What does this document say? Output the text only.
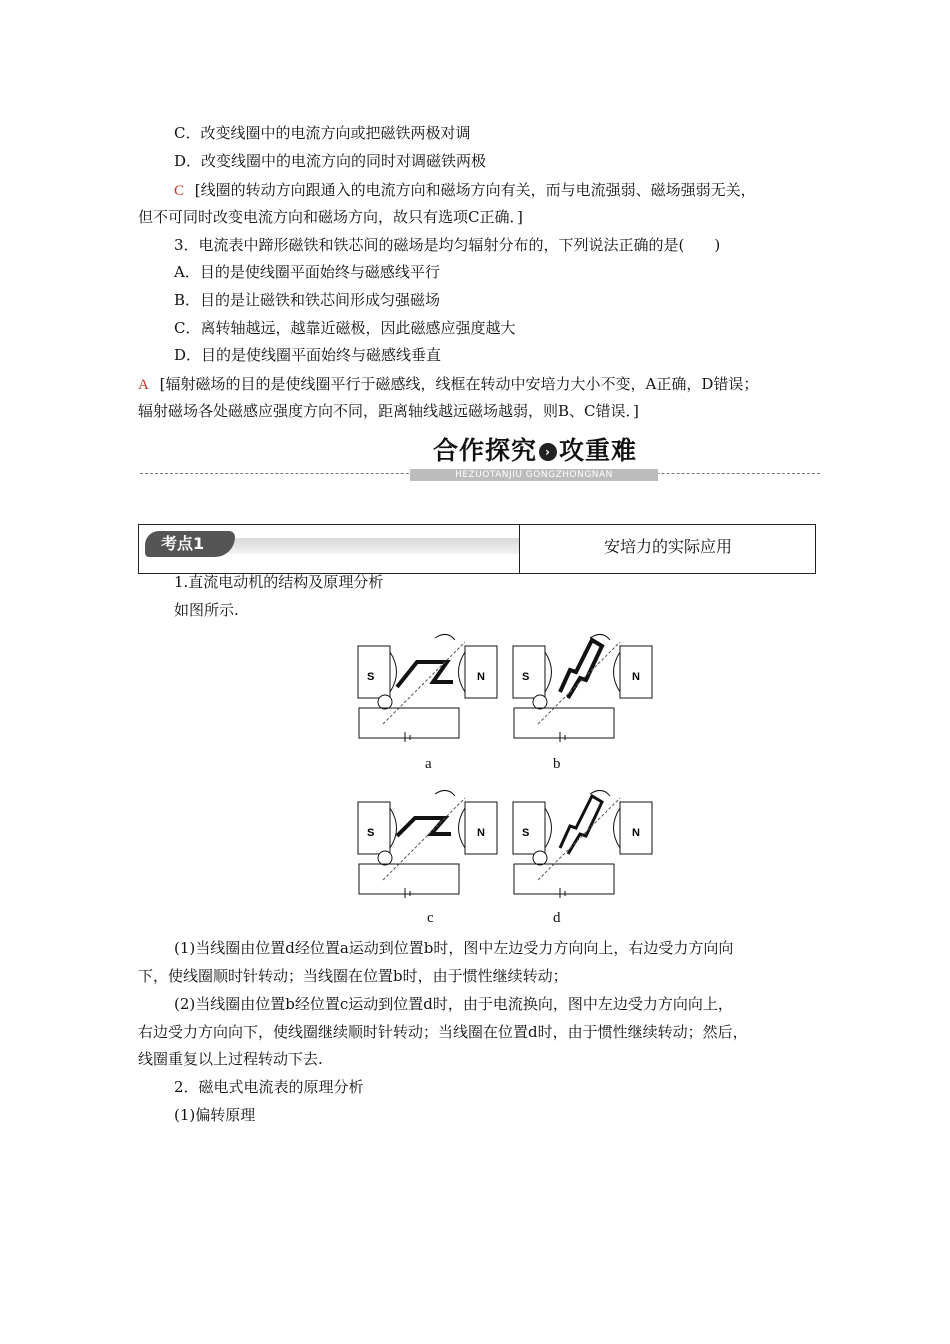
C．改变线圈中的电流方向或把磁铁两极对调
D．改变线圈中的电流方向的同时对调磁铁两极
C [线圈的转动方向跟通入的电流方向和磁场方向有关，而与电流强弱、磁场强弱无关，
但不可同时改变电流方向和磁场方向，故只有选项C正确．]
3．电流表中蹄形磁铁和铁芯间的磁场是均匀辐射分布的，下列说法正确的是(　　)
A．目的是使线圈平面始终与磁感线平行
B．目的是让磁铁和铁芯间形成匀强磁场
C．离转轴越远，越靠近磁极，因此磁感应强度越大
D．目的是使线圈平面始终与磁感线垂直
A [辐射磁场的目的是使线圈平行于磁感线，线框在转动中安培力大小不变，A正确，D错误；
辐射磁场各处磁感应强度方向不同，距离轴线越远磁场越弱，则B、C错误．]
合作探究 › 攻重难
HEZUOTANJIU GONGZHONGNAN
考点1	安培力的实际应用
1.直流电动机的结构及原理分析
如图所示.
S	N	S	N
a	b
S	N	S	N
c	d
(1)当线圈由位置d经位置a运动到位置b时，图中左边受力方向向上，右边受力方向向
下，使线圈顺时针转动；当线圈在位置b时，由于惯性继续转动；
(2)当线圈由位置b经位置c运动到位置d时，由于电流换向，图中左边受力方向向上，
右边受力方向向下，使线圈继续顺时针转动；当线圈在位置d时，由于惯性继续转动；然后，
线圈重复以上过程转动下去.
2．磁电式电流表的原理分析
(1)偏转原理
